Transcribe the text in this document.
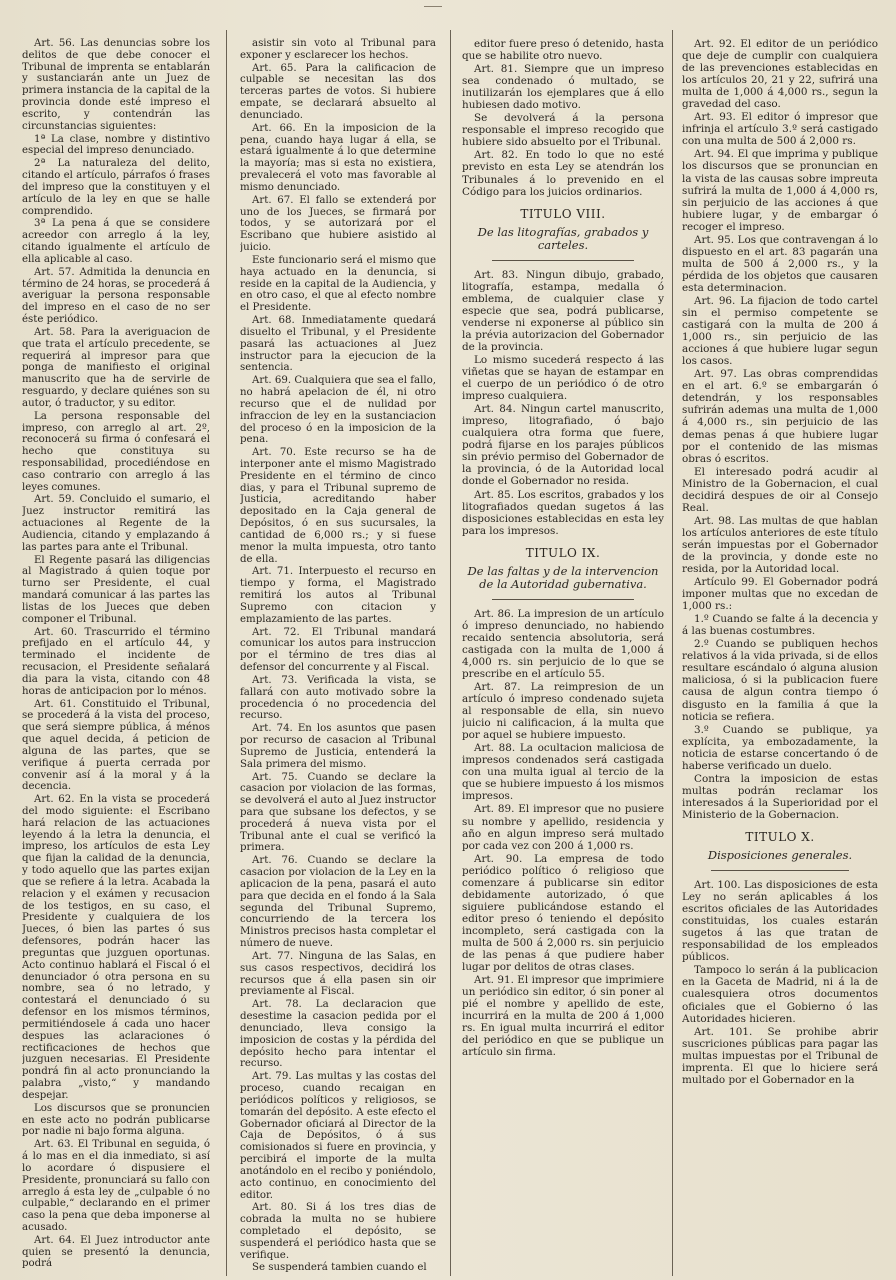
Art. 56. Las denuncias sobre los delitos de que debe conocer el Tribunal de imprenta se entablarán y sustanciarán ante un Juez de primera instancia de la capital de la provincia donde esté impreso el escrito, y contendrán las circunstancias siguientes:

1ª La clase, nombre y distintivo especial del impreso denunciado.

2ª La naturaleza del delito, citando el artículo, párrafos ó frases del impreso que la constituyen y el artículo de la ley en que se halle comprendido.

3ª La pena á que se considere acreedor con arreglo á la ley, citando igualmente el artículo de ella aplicable al caso.

Art. 57. Admitida la denuncia en término de 24 horas, se procederá á averiguar la persona responsable del impreso en el caso de no ser éste periódico.

Art. 58. Para la averiguacion de que trata el artículo precedente, se requerirá al impresor para que ponga de manifiesto el original manuscrito que ha de servirle de resguardo, y declare quiénes son su autor, ó traductor, y su editor.

La persona responsable del impreso, con arreglo al art. 2º, reconocerá su firma ó confesará el hecho que constituya su responsabilidad, procediéndose en caso contrario con arreglo á las leyes comunes.

Art. 59. Concluido el sumario, el Juez instructor remitirá las actuaciones al Regente de la Audiencia, citando y emplazando á las partes para ante el Tribunal.

El Regente pasará las diligencias al Magistrado á quien toque por turno ser Presidente, el cual mandará comunicar á las partes las listas de los Jueces que deben componer el Tribunal.

Art. 60. Trascurrido el término prefijado en el artículo 44, y terminado el incidente de recusacion, el Presidente señalará dia para la vista, citando con 48 horas de anticipacion por lo ménos.

Art. 61. Constituido el Tribunal, se procederá á la vista del proceso, que será siempre pública, á ménos que aquel decida, á peticion de alguna de las partes, que se verifique á puerta cerrada por convenir así á la moral y á la decencia.

Art. 62. En la vista se procederá del modo siguiente: el Escribano hará relacion de las actuaciones leyendo á la letra la denuncia, el impreso, los artículos de esta Ley que fijan la calidad de la denuncia, y todo aquello que las partes exijan que se refiere á la letra. Acabada la relacion y el exámen y recusacion de los testigos, en su caso, el Presidente y cualquiera de los Jueces, ó bien las partes ó sus defensores, podrán hacer las preguntas que juzguen oportunas. Acto continuo hablará el Fiscal ó el denunciador ó otra persona en su nombre, sea ó no letrado, y contestará el denunciado ó su defensor en los mismos términos, permitiéndosele á cada uno hacer despues las aclaraciones ó rectificaciones de hechos que juzguen necesarias. El Presidente pondrá fin al acto pronunciando la palabra „visto,“ y mandando despejar.

Los discursos que se pronuncien en este acto no podrán publicarse por nadie ni bajo forma alguna.

Art. 63. El Tribunal en seguida, ó á lo mas en el dia inmediato, si así lo acordare ó dispusiere el Presidente, pronunciará su fallo con arreglo á esta ley de „culpable ó no culpable,“ declarando en el primer caso la pena que deba imponerse al acusado.

Art. 64. El Juez introductor ante quien se presentó la denuncia, podrá

asistir sin voto al Tribunal para exponer y esclarecer los hechos.

Art. 65. Para la calificacion de culpable se necesitan las dos terceras partes de votos. Si hubiere empate, se declarará absuelto al denunciado.

Art. 66. En la imposicion de la pena, cuando haya lugar á ella, se estará igualmente á lo que determine la mayoría; mas si esta no existiera, prevalecerá el voto mas favorable al mismo denunciado.

Art. 67. El fallo se extenderá por uno de los Jueces, se firmará por todos, y se autorizará por el Escribano que hubiere asistido al juicio.

Este funcionario será el mismo que haya actuado en la denuncia, si reside en la capital de la Audiencia, y en otro caso, el que al efecto nombre el Presidente.

Art. 68. Inmediatamente quedará disuelto el Tribunal, y el Presidente pasará las actuaciones al Juez instructor para la ejecucion de la sentencia.

Art. 69. Cualquiera que sea el fallo, no habrá apelacion de él, ni otro recurso que el de nulidad por infraccion de ley en la sustanciacion del proceso ó en la imposicion de la pena.

Art. 70. Este recurso se ha de interponer ante el mismo Magistrado Presidente en el término de cinco dias, y para el Tribunal supremo de Justicia, acreditando haber depositado en la Caja general de Depósitos, ó en sus sucursales, la cantidad de 6,000 rs.; y si fuese menor la multa impuesta, otro tanto de ella.

Art. 71. Interpuesto el recurso en tiempo y forma, el Magistrado remitirá los autos al Tribunal Supremo con citacion y emplazamiento de las partes.

Art. 72. El Tribunal mandará comunicar los autos para instruccion por el término de tres dias al defensor del concurrente y al Fiscal.

Art. 73. Verificada la vista, se fallará con auto motivado sobre la procedencia ó no procedencia del recurso.

Art. 74. En los asuntos que pasen por recurso de casacion al Tribunal Supremo de Justicia, entenderá la Sala primera del mismo.

Art. 75. Cuando se declare la casacion por violacion de las formas, se devolverá el auto al Juez instructor para que subsane los defectos, y se procederá á nueva vista por el Tribunal ante el cual se verificó la primera.

Art. 76. Cuando se declare la casacion por violacion de la Ley en la aplicacion de la pena, pasará el auto para que decida en el fondo á la Sala segunda del Tribunal Supremo, concurriendo de la tercera los Ministros precisos hasta completar el número de nueve.

Art. 77. Ninguna de las Salas, en sus casos respectivos, decidirá los recursos que á ella pasen sin oir previamente al Fiscal.

Art. 78. La declaracion que desestime la casacion pedida por el denunciado, lleva consigo la imposicion de costas y la pérdida del depósito hecho para intentar el recurso.

Art. 79. Las multas y las costas del proceso, cuando recaigan en periódicos políticos y religiosos, se tomarán del depósito. A este efecto el Gobernador oficiará al Director de la Caja de Depósitos, ó á sus comisionados si fuere en provincia, y percibirá el importe de la multa anotándolo en el recibo y poniéndolo, acto continuo, en conocimiento del editor.

Art. 80. Si á los tres dias de cobrada la multa no se hubiere completado el depósito, se suspenderá el periódico hasta que se verifique.

Se suspenderá tambien cuando el

editor fuere preso ó detenido, hasta que se habilite otro nuevo.

Art. 81. Siempre que un impreso sea condenado ó multado, se inutilizarán los ejemplares que á ello hubiesen dado motivo.

Se devolverá á la persona responsable el impreso recogido que hubiere sido absuelto por el Tribunal.

Art. 82. En todo lo que no esté previsto en esta Ley se atendrán los Tribunales á lo prevenido en el Código para los juicios ordinarios.

TITULO VIII.
De las litografías, grabados y carteles.

Art. 83. Ningun dibujo, grabado, litografía, estampa, medalla ó emblema, de cualquier clase y especie que sea, podrá publicarse, venderse ni exponerse al público sin la prévia autorizacion del Gobernador de la provincia.

Lo mismo sucederá respecto á las viñetas que se hayan de estampar en el cuerpo de un periódico ó de otro impreso cualquiera.

Art. 84. Ningun cartel manuscrito, impreso, litografiado, ó bajo cualquiera otra forma que fuere, podrá fijarse en los parajes públicos sin prévio permiso del Gobernador de la provincia, ó de la Autoridad local donde el Gobernador no resida.

Art. 85. Los escritos, grabados y los litografiados quedan sugetos á las disposiciones establecidas en esta ley para los impresos.

TITULO IX.
De las faltas y de la intervencion de la Autoridad gubernativa.

Art. 86. La impresion de un artículo ó impreso denunciado, no habiendo recaido sentencia absolutoria, será castigada con la multa de 1,000 á 4,000 rs. sin perjuicio de lo que se prescribe en el artículo 55.

Art. 87. La reimpresion de un artículo ó impreso condenado sujeta al responsable de ella, sin nuevo juicio ni calificacion, á la multa que por aquel se hubiere impuesto.

Art. 88. La ocultacion maliciosa de impresos condenados será castigada con una multa igual al tercio de la que se hubiere impuesto á los mismos impresos.

Art. 89. El impresor que no pusiere su nombre y apellido, residencia y año en algun impreso será multado por cada vez con 200 á 1,000 rs.

Art. 90. La empresa de todo periódico político ó religioso que comenzare á publicarse sin editor debidamente autorizado, ó que siguiere publicándose estando el editor preso ó teniendo el depósito incompleto, será castigada con la multa de 500 á 2,000 rs. sin perjuicio de las penas á que pudiere haber lugar por delitos de otras clases.

Art. 91. El impresor que imprimiere un periódico sin editor, ó sin poner al pié el nombre y apellido de este, incurrirá en la multa de 200 á 1,000 rs. En igual multa incurrirá el editor del periódico en que se publique un artículo sin firma.

Art. 92. El editor de un periódico que deje de cumplir con cualquiera de las prevenciones establecidas en los artículos 20, 21 y 22, sufrirá una multa de 1,000 á 4,000 rs., segun la gravedad del caso.

Art. 93. El editor ó impresor que infrinja el artículo 3.º será castigado con una multa de 500 á 2,000 rs.

Art. 94. El que imprima y publique los discursos que se pronuncian en la vista de las causas sobre impreuta sufrirá la multa de 1,000 á 4,000 rs, sin perjuicio de las acciones á que hubiere lugar, y de embargar ó recoger el impreso.

Art. 95. Los que contravengan á lo dispuesto en el art. 83 pagarán una multa de 500 á 2,000 rs., y la pérdida de los objetos que causaren esta determinacion.

Art. 96. La fijacion de todo cartel sin el permiso competente se castigará con la multa de 200 á 1,000 rs., sin perjuicio de las acciones á que hubiere lugar segun los casos.

Art. 97. Las obras comprendidas en el art. 6.º se embargarán ó detendrán, y los responsables sufrirán ademas una multa de 1,000 á 4,000 rs., sin perjuicio de las demas penas á que hubiere lugar por el contenido de las mismas obras ó escritos.

El interesado podrá acudir al Ministro de la Gobernacion, el cual decidirá despues de oir al Consejo Real.

Art. 98. Las multas de que hablan los artículos anteriores de este título serán impuestas por el Gobernador de la provincia, y donde este no resida, por la Autoridad local.

Artículo 99. El Gobernador podrá imponer multas que no excedan de 1,000 rs.:

1.º Cuando se falte á la decencia y á las buenas costumbres.

2.º Cuando se publiquen hechos relativos á la vida privada, si de ellos resultare escándalo ó alguna alusion maliciosa, ó si la publicacion fuere causa de algun contra tiempo ó disgusto en la familia á que la noticia se refiera.

3.º Cuando se publique, ya explícita, ya embozadamente, la noticia de estarse concertando ó de haberse verificado un duelo.

Contra la imposicion de estas multas podrán reclamar los interesados á la Superioridad por el Ministerio de la Gobernacion.

TITULO X.
Disposiciones generales.

Art. 100. Las disposiciones de esta Ley no serán aplicables á los escritos oficiales de las Autoridades constituidas, los cuales estarán sugetos á las que tratan de responsabilidad de los empleados públicos.

Tampoco lo serán á la publicacion en la Gaceta de Madrid, ni á la de cualesquiera otros documentos oficiales que el Gobierno ó las Autoridades hicieren.

Art. 101. Se prohibe abrir suscriciones públicas para pagar las multas impuestas por el Tribunal de imprenta. El que lo hiciere será multado por el Gobernador en la
